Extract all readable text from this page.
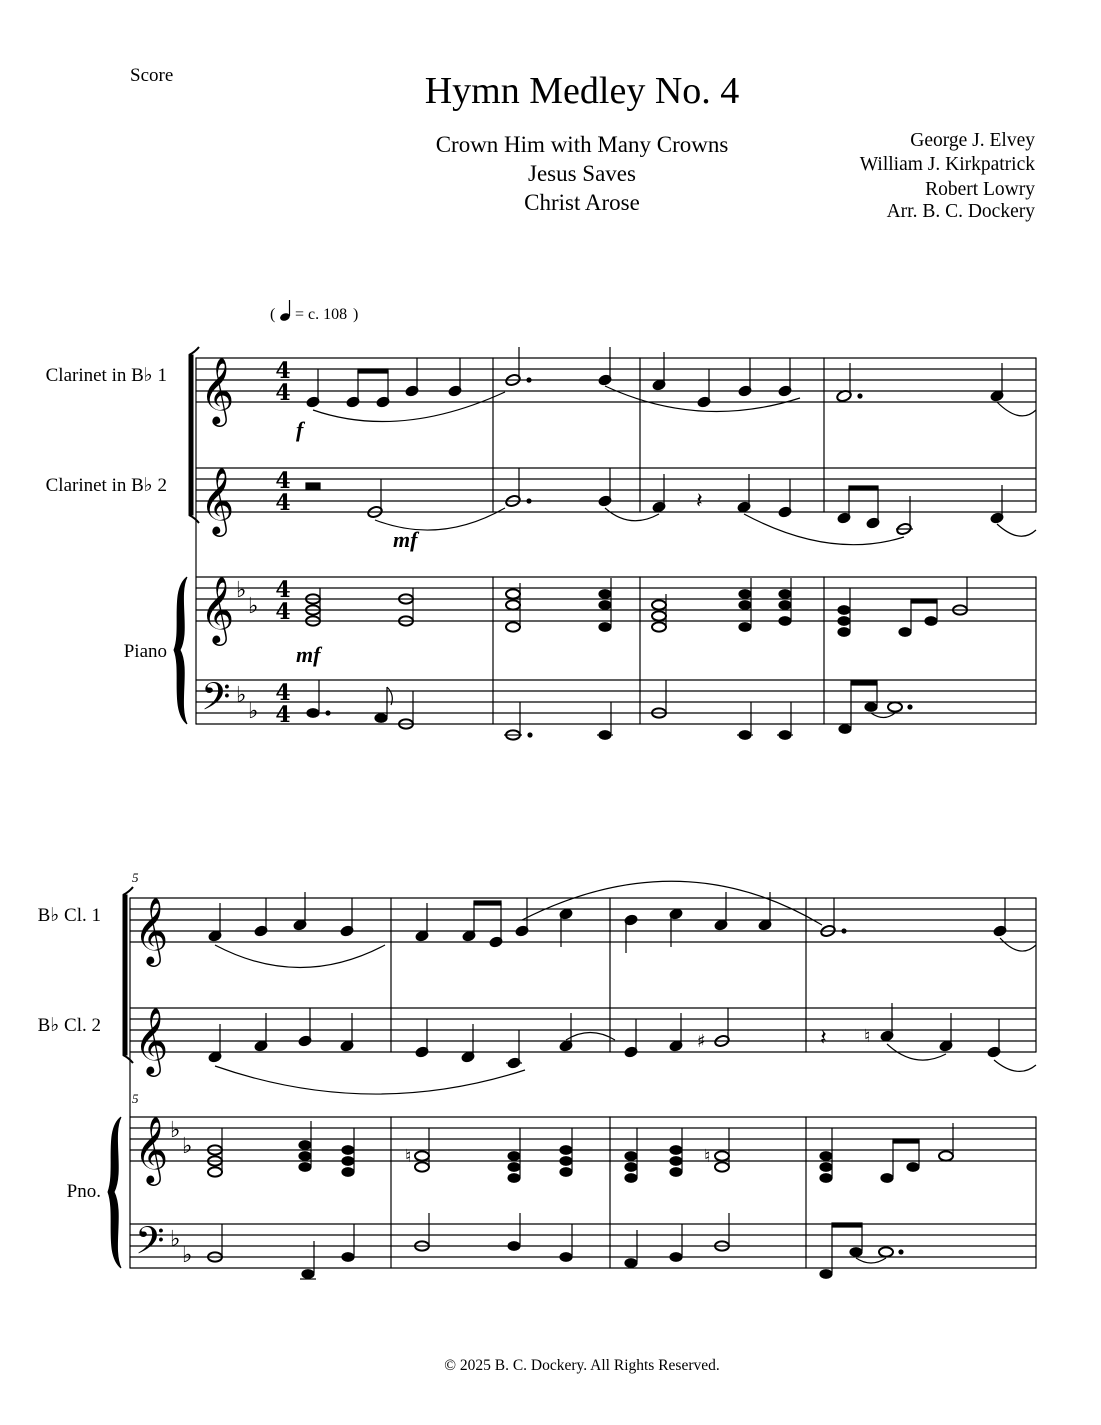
Score	Hymn Medley No. 4
Crown Him with Many Crowns
Jesus Saves
Christ Arose
George J. Elvey
William J. Kirkpatrick
Robert Lowry
Arr. B. C. Dockery
Clarinet in B♭ 1
Clarinet in B♭ 2
Piano
B♭ Cl. 1
B♭ Cl. 2
Pno.
© 2025 B. C. Dockery. All Rights Reserved.
𝄞
𝄞
𝄞
𝄢
𝄞
𝄞
𝄞
𝄢
♭
♭
♭
♭
♭
♭
♭
♭
4
4
4
4
4
4
4
4
( = c. 108 )
f
mf
mf
5
5
𝄽
𝄽
♯	♮
♮	♮
